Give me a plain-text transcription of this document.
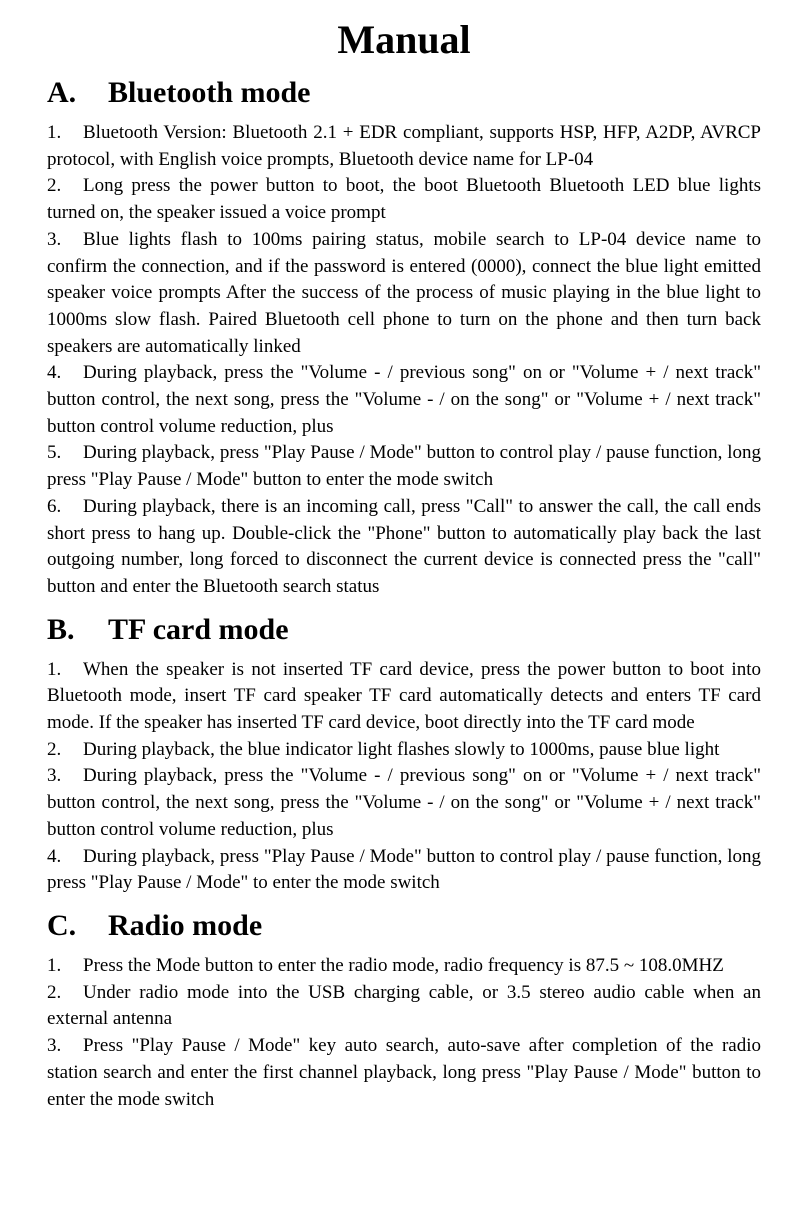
Manual
A.	Bluetooth mode

1. Bluetooth Version: Bluetooth 2.1 + EDR compliant, supports HSP, HFP, A2DP, AVRCP protocol, with English voice prompts, Bluetooth device name for LP-04

2. Long press the power button to boot, the boot Bluetooth Bluetooth LED blue lights turned on, the speaker issued a voice prompt

3. Blue lights flash to 100ms pairing status, mobile search to LP-04 device name to confirm the connection, and if the password is entered (0000), connect the blue light emitted speaker voice prompts After the success of the process of music playing in the blue light to 1000ms slow flash. Paired Bluetooth cell phone to turn on the phone and then turn back speakers are automatically linked

4. During playback, press the "Volume - / previous song" on or "Volume + / next track" button control, the next song, press the "Volume - / on the song" or "Volume + / next track" button control volume reduction, plus

5. During playback, press "Play Pause / Mode" button to control play / pause function, long press "Play Pause / Mode" button to enter the mode switch

6. During playback, there is an incoming call, press "Call" to answer the call, the call ends short press to hang up. Double-click the "Phone" button to automatically play back the last outgoing number, long forced to disconnect the current device is connected press the "call" button and enter the Bluetooth search status

B.	TF card mode

1. When the speaker is not inserted TF card device, press the power button to boot into Bluetooth mode, insert TF card speaker TF card automatically detects and enters TF card mode. If the speaker has inserted TF card device, boot directly into the TF card mode

2. During playback, the blue indicator light flashes slowly to 1000ms, pause blue light

3. During playback, press the "Volume - / previous song" on or "Volume + / next track" button control, the next song, press the "Volume - / on the song" or "Volume + / next track" button control volume reduction, plus

4. During playback, press "Play Pause / Mode" button to control play / pause function, long press "Play Pause / Mode" to enter the mode switch

C.	Radio mode

1. Press the Mode button to enter the radio mode, radio frequency is 87.5 ~ 108.0MHZ

2. Under radio mode into the USB charging cable, or 3.5 stereo audio cable when an external antenna

3. Press "Play Pause / Mode" key auto search, auto-save after completion of the radio station search and enter the first channel playback, long press "Play Pause / Mode" button to enter the mode switch
